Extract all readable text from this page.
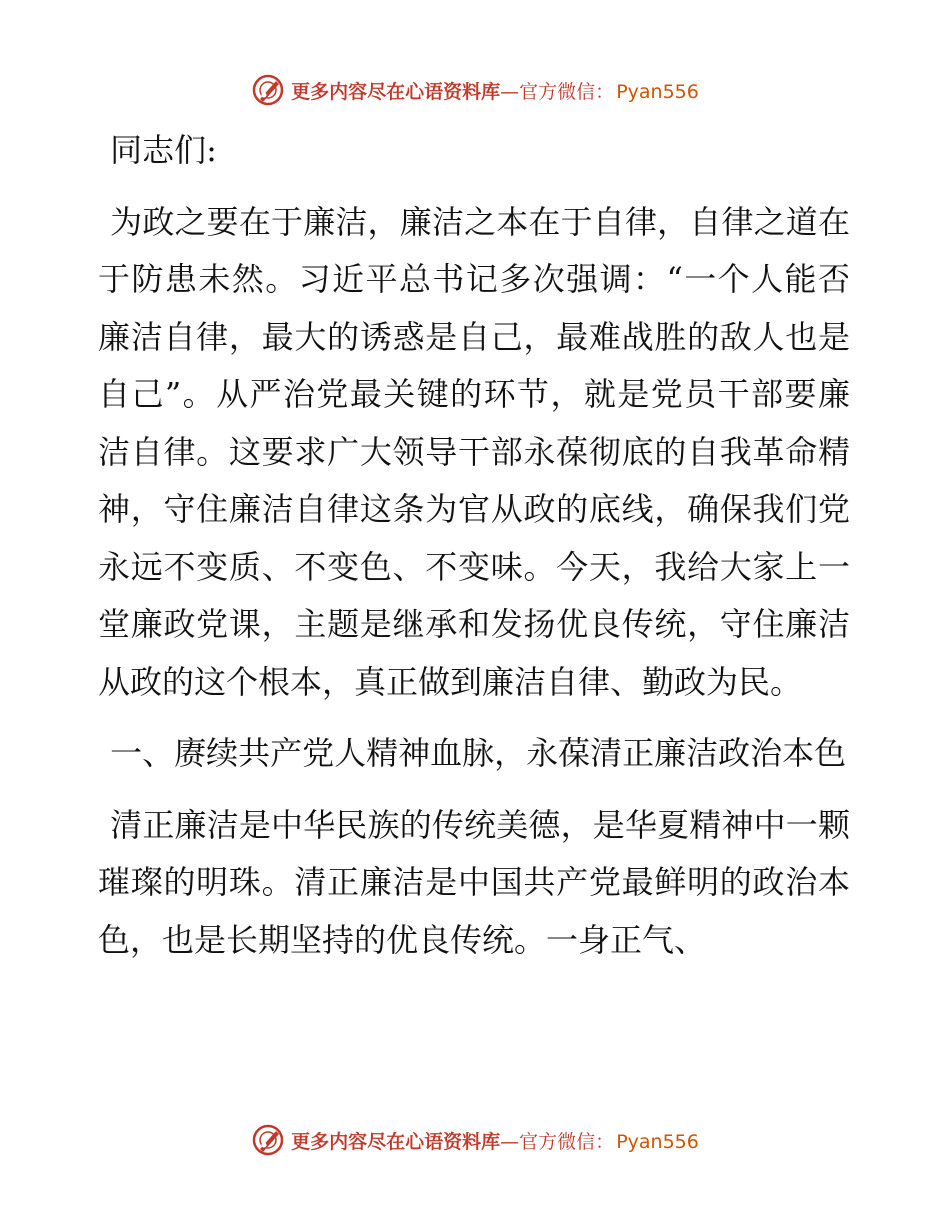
更多内容尽在心语资料库—官方微信： Pyan556

同志们:

为政之要在于廉洁，廉洁之本在于自律，自律之道在于防患未然。习近平总书记多次强调：“一个人能否廉洁自律，最大的诱惑是自己，最难战胜的敌人也是自己”。从严治党最关键的环节，就是党员干部要廉洁自律。这要求广大领导干部永葆彻底的自我革命精神，守住廉洁自律这条为官从政的底线，确保我们党永远不变质、不变色、不变味。今天，我给大家上一堂廉政党课，主题是继承和发扬优良传统，守住廉洁从政的这个根本，真正做到廉洁自律、勤政为民。

一、赓续共产党人精神血脉，永葆清正廉洁政治本色

清正廉洁是中华民族的传统美德，是华夏精神中一颗璀璨的明珠。清正廉洁是中国共产党最鲜明的政治本色，也是长期坚持的优良传统。一身正气、

更多内容尽在心语资料库—官方微信： Pyan556
